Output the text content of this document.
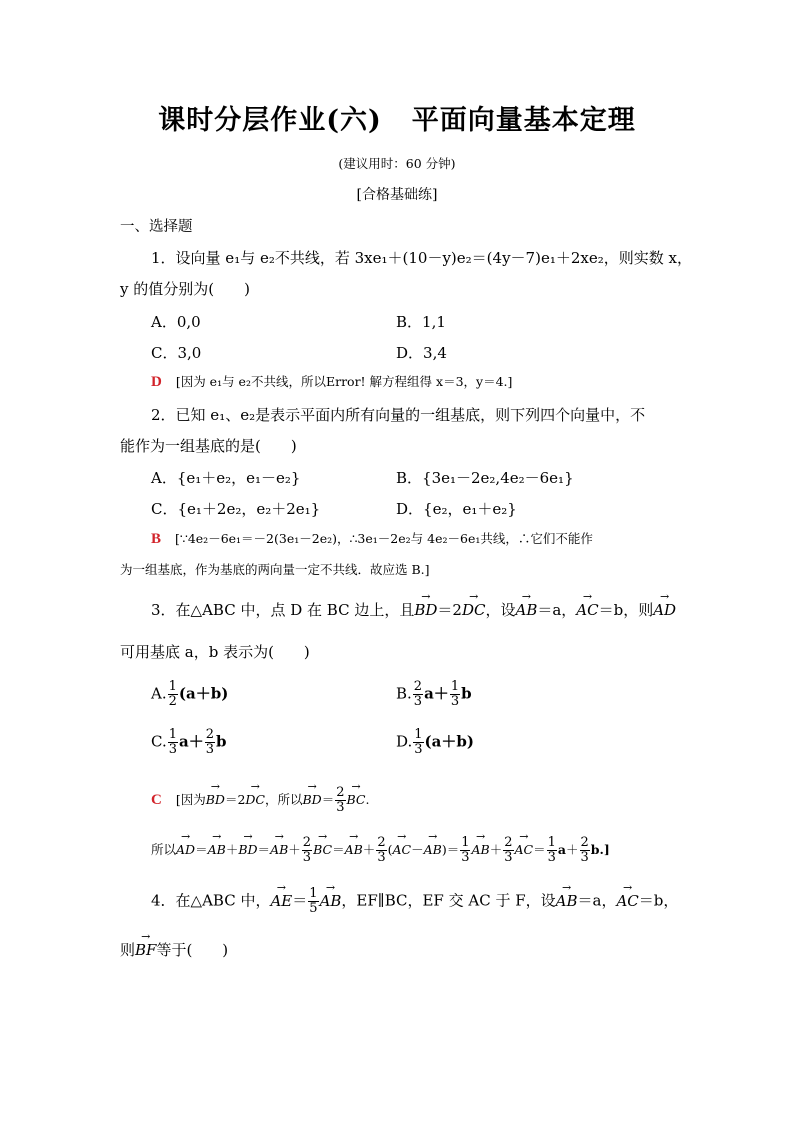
课时分层作业(六) 平面向量基本定理
(建议用时：60 分钟)
[合格基础练]
一、选择题
1．设向量 e₁与 e₂不共线，若 3xe₁＋(10－y)e₂＝(4y－7)e₁＋2xe₂，则实数 x，
y 的值分别为(　　)
A．0,0	B．1,1
C．3,0	D．3,4
D [因为 e₁与 e₂不共线，所以Error! 解方程组得 x＝3，y＝4.]
2．已知 e₁、e₂是表示平面内所有向量的一组基底，则下列四个向量中，不
能作为一组基底的是(　　)
A．{e₁＋e₂，e₁－e₂}	B．{3e₁－2e₂,4e₂－6e₁}
C．{e₁＋2e₂，e₂＋2e₁}	D．{e₂，e₁＋e₂}
B [∵4e₂－6e₁＝－2(3e₁－2e₂)，∴3e₁－2e₂与 4e₂－6e₁共线，∴它们不能作
为一组基底，作为基底的两向量一定不共线．故应选 B.]
3．在△ABC 中，点 D 在 BC 边上，且→ BD＝2→ DC，设→ AB＝a，→ AC＝b，则→ AD
可用基底 a，b 表示为(　　)
A. $\frac{1}{2} (a+b)$	B. $\frac{2}{3} a+ \frac{1}{3}$ b
C. $\frac{1}{3} a+ \frac{2}{3}$ b	D. $\frac{1}{3} (a+b)$
C [因为→ BD＝2→ DC，所以→ $BD= \frac{2}{3}$
→ BC.
所以→ $AD=\to AB+\to BD=\to AB+ \frac{2}{3}$
→ $BC=\to AB+ \frac{2}{3}$ (→ $AC-\to AB)= \frac{1}{3}$
→ $AB+ \frac{2}{3}$
→ $AC= \frac{1}{3} a+ \frac{2}{3} b$.]
4．在△ABC 中，→ $AE= \frac{1}{5}$
→ AB，EF∥BC，EF 交 AC 于 F，设→ AB＝a，→ AC＝b，
则→ BF等于(　　)
